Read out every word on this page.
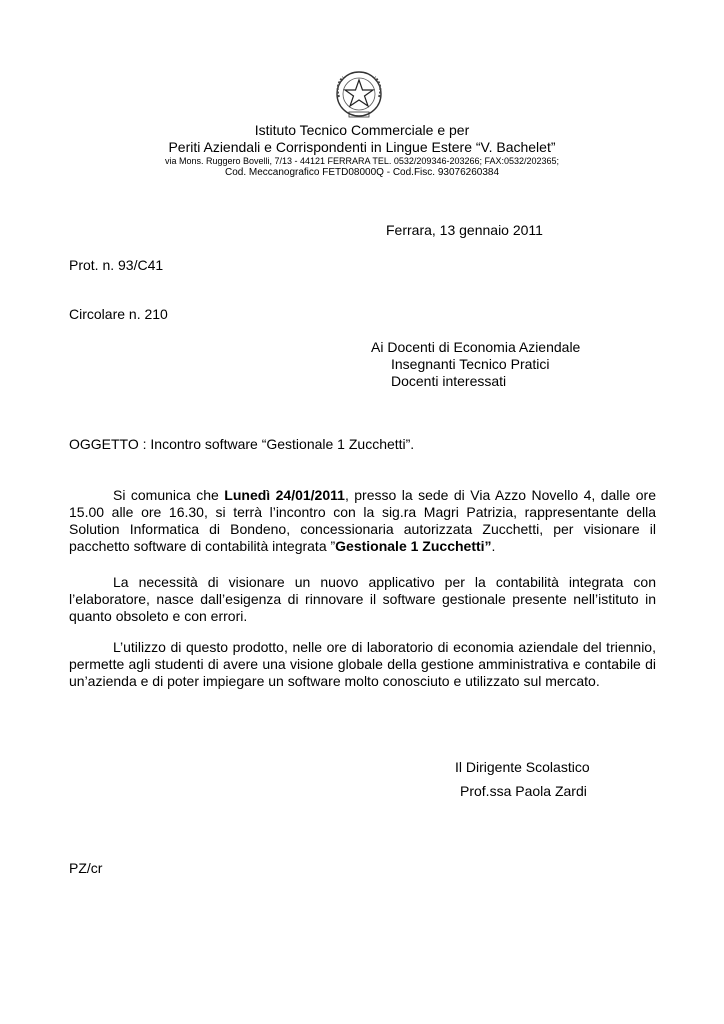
Istituto Tecnico Commerciale e per
Periti Aziendali e Corrispondenti in Lingue Estere “V. Bachelet”
via Mons. Ruggero Bovelli, 7/13 - 44121 FERRARA TEL. 0532/209346-203266; FAX:0532/202365;
Cod. Meccanografico FETD08000Q - Cod.Fisc. 93076260384
Ferrara, 13 gennaio 2011
Prot. n. 93/C41
Circolare n. 210
Ai Docenti di Economia Aziendale
Insegnanti Tecnico Pratici
Docenti interessati
OGGETTO : Incontro software “Gestionale 1 Zucchetti”.

Si comunica che Lunedì 24/01/2011, presso la sede di Via Azzo Novello 4, dalle ore 15.00 alle ore 16.30, si terrà l’incontro con la sig.ra Magri Patrizia, rappresentante della Solution Informatica di Bondeno, concessionaria autorizzata Zucchetti, per visionare il pacchetto software di contabilità integrata ”Gestionale 1 Zucchetti”.

La necessità di visionare un nuovo applicativo per la contabilità integrata con l’elaboratore, nasce dall’esigenza di rinnovare il software gestionale presente nell’istituto in quanto obsoleto e con errori.

L’utilizzo di questo prodotto, nelle ore di laboratorio di economia aziendale del triennio, permette agli studenti di avere una visione globale della gestione amministrativa e contabile di un’azienda e di poter impiegare un software molto conosciuto e utilizzato sul mercato.

Il Dirigente Scolastico
Prof.ssa Paola Zardi
PZ/cr
